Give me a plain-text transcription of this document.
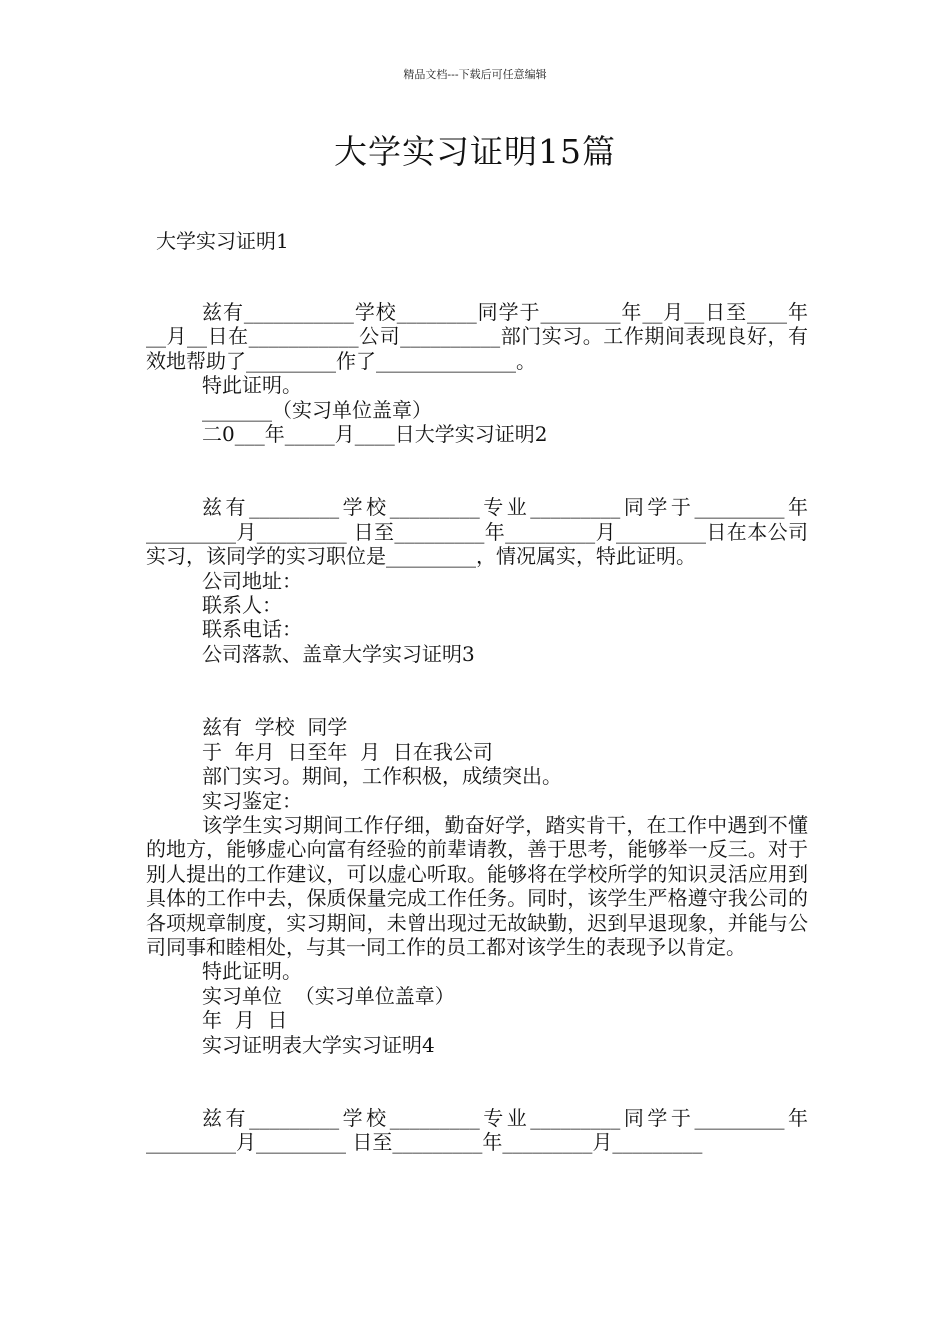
精品文档---下载后可任意编辑
大学实习证明15篇
大学实习证明1

兹有___________学校________同学于________年__月__日至____年__月__日在___________公司__________部门实习。工作期间表现良好，有效地帮助了_________作了______________。

特此证明。

_______（实习单位盖章）

二0___年_____月____日大学实习证明2

兹有_________学校_________专业_________同学于_________年_________月_________ 日至_________年_________月_________日在本公司实习，该同学的实习职位是_________，情况属实，特此证明。

公司地址：

联系人：

联系电话：

公司落款、盖章大学实习证明3

兹有  学校  同学

于  年月  日至年  月  日在我公司

部门实习。期间，工作积极，成绩突出。

实习鉴定：

该学生实习期间工作仔细，勤奋好学，踏实肯干，在工作中遇到不懂的地方，能够虚心向富有经验的前辈请教，善于思考，能够举一反三。对于别人提出的工作建议，可以虚心听取。能够将在学校所学的知识灵活应用到具体的工作中去，保质保量完成工作任务。同时，该学生严格遵守我公司的各项规章制度，实习期间，未曾出现过无故缺勤，迟到早退现象，并能与公司同事和睦相处，与其一同工作的员工都对该学生的表现予以肯定。

特此证明。

实习单位  （实习单位盖章）

年  月  日

实习证明表大学实习证明4

兹有_________学校_________专业_________同学于_________年_________月_________ 日至_________年_________月_________
